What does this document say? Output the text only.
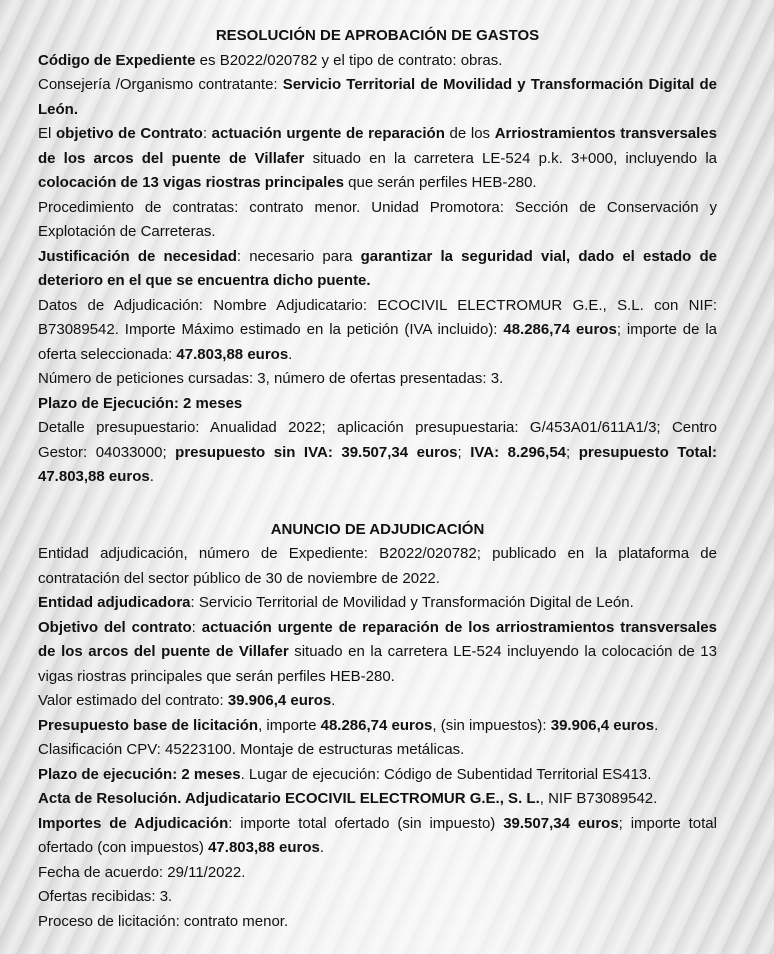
RESOLUCIÓN DE APROBACIÓN DE GASTOS

Código de Expediente es B2022/020782 y el tipo de contrato: obras.

Consejería /Organismo contratante: Servicio Territorial de Movilidad y Transformación Digital de León.

El objetivo de Contrato: actuación urgente de reparación de los Arriostramientos transversales de los arcos del puente de Villafer situado en la carretera LE-524 p.k. 3+000, incluyendo la colocación de 13 vigas riostras principales que serán perfiles HEB-280.

Procedimiento de contratas: contrato menor. Unidad Promotora: Sección de Conservación y Explotación de Carreteras.

Justificación de necesidad: necesario para garantizar la seguridad vial, dado el estado de deterioro en el que se encuentra dicho puente.

Datos de Adjudicación: Nombre Adjudicatario: ECOCIVIL ELECTROMUR G.E., S.L. con NIF: B73089542. Importe Máximo estimado en la petición (IVA incluido): 48.286,74 euros; importe de la oferta seleccionada: 47.803,88 euros.

Número de peticiones cursadas: 3, número de ofertas presentadas: 3.

Plazo de Ejecución: 2 meses

Detalle presupuestario: Anualidad 2022; aplicación presupuestaria: G/453A01/611A1/3; Centro Gestor: 04033000; presupuesto sin IVA: 39.507,34 euros; IVA: 8.296,54; presupuesto Total: 47.803,88 euros.

ANUNCIO DE ADJUDICACIÓN

Entidad adjudicación, número de Expediente: B2022/020782; publicado en la plataforma de contratación del sector público de 30 de noviembre de 2022.

Entidad adjudicadora: Servicio Territorial de Movilidad y Transformación Digital de León.

Objetivo del contrato: actuación urgente de reparación de los arriostramientos transversales de los arcos del puente de Villafer situado en la carretera LE-524 incluyendo la colocación de 13 vigas riostras principales que serán perfiles HEB-280.

Valor estimado del contrato: 39.906,4 euros.

Presupuesto base de licitación, importe 48.286,74 euros, (sin impuestos): 39.906,4 euros.

Clasificación CPV: 45223100. Montaje de estructuras metálicas.

Plazo de ejecución: 2 meses. Lugar de ejecución: Código de Subentidad Territorial ES413.

Acta de Resolución. Adjudicatario ECOCIVIL ELECTROMUR G.E., S. L., NIF B73089542.

Importes de Adjudicación: importe total ofertado (sin impuesto) 39.507,34 euros; importe total ofertado (con impuestos) 47.803,88 euros.

Fecha de acuerdo: 29/11/2022.

Ofertas recibidas: 3.

Proceso de licitación: contrato menor.
